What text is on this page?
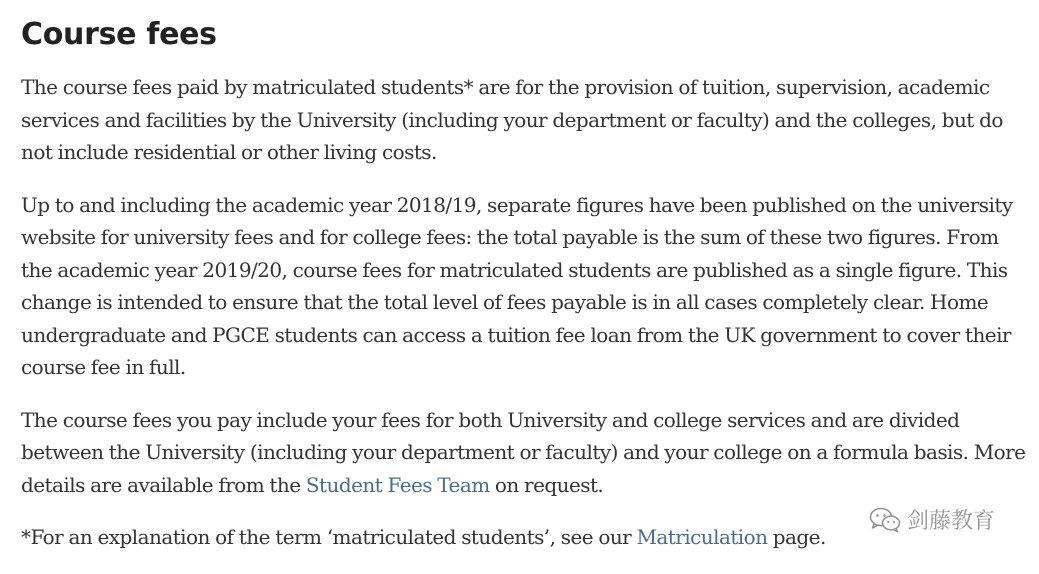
Course fees

The course fees paid by matriculated students* are for the provision of tuition, supervision, academic services and facilities by the University (including your department or faculty) and the colleges, but do not include residential or other living costs.

Up to and including the academic year 2018/19, separate figures have been published on the university website for university fees and for college fees: the total payable is the sum of these two figures. From the academic year 2019/20, course fees for matriculated students are published as a single figure. This change is intended to ensure that the total level of fees payable is in all cases completely clear. Home undergraduate and PGCE students can access a tuition fee loan from the UK government to cover their course fee in full.

The course fees you pay include your fees for both University and college services and are divided between the University (including your department or faculty) and your college on a formula basis. More details are available from the Student Fees Team on request.

*For an explanation of the term ‘matriculated students’, see our Matriculation page.

剑藤教育
